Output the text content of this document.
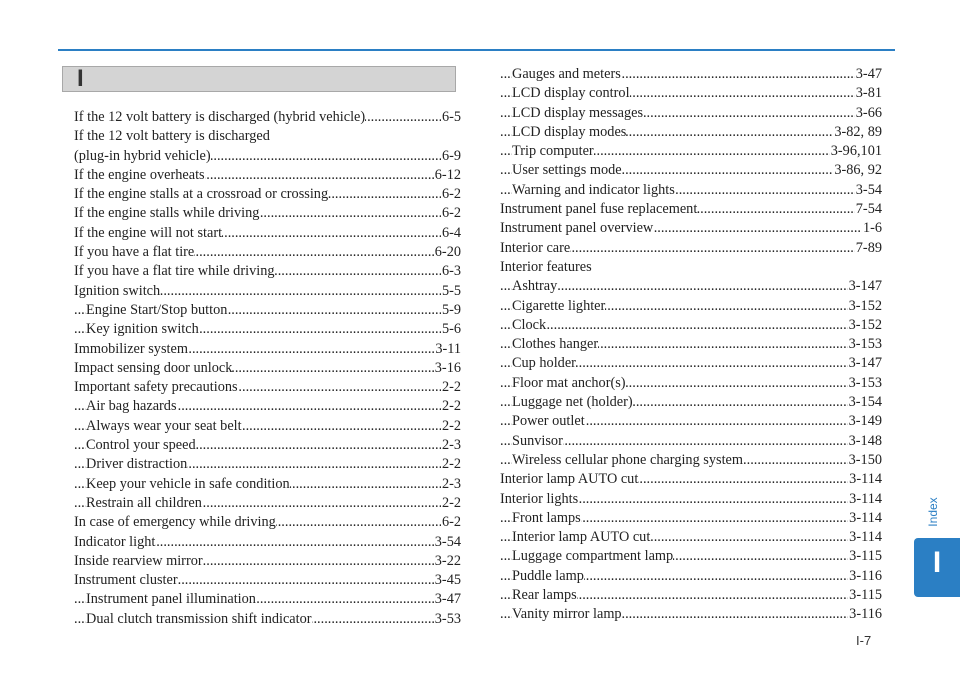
I
If the 12 volt battery is discharged (hybrid vehicle)	6-5
.....
If the 12 volt battery is discharged
(plug-in hybrid vehicle)	6-9
.....
If the engine overheats	6-12
.....
If the engine stalls at a crossroad or crossing	6-2
.....
If the engine stalls while driving	6-2
.....
If the engine will not start	6-4
.....
If you have a flat tire	6-20
.....
If you have a flat tire while driving	6-3
.....
Ignition switch	5-5
.....
Engine Start/Stop button	5-9
.....
Key ignition switch	5-6
.....
Immobilizer system	3-11
.....
Impact sensing door unlock	3-16
.....
Important safety precautions	2-2
.....
Air bag hazards	2-2
.....
Always wear your seat belt	2-2
.....
Control your speed	2-3
.....
Driver distraction	2-2
.....
Keep your vehicle in safe condition	2-3
.....
Restrain all children	2-2
.....
In case of emergency while driving	6-2
.....
Indicator light	3-54
.....
Inside rearview mirror	3-22
.....
Instrument cluster	3-45
.....
Instrument panel illumination	3-47
.....
Dual clutch transmission shift indicator	3-53
.....
Gauges and meters	3-47
.....
LCD display control	3-81
.....
LCD display messages	3-66
.....
LCD display modes	3-82, 89
.....
Trip computer	3-96,101
.....
User settings mode	3-86, 92
.....
Warning and indicator lights	3-54
.....
Instrument panel fuse replacement	7-54
.....
Instrument panel overview	1-6
.....
Interior care	7-89
.....
Interior features
Ashtray	3-147
.....
Cigarette lighter	3-152
.....
Clock	3-152
.....
Clothes hanger	3-153
.....
Cup holder	3-147
.....
Floor mat anchor(s)	3-153
.....
Luggage net (holder)	3-154
.....
Power outlet	3-149
.....
Sunvisor	3-148
.....
Wireless cellular phone charging system	3-150
.....
Interior lamp AUTO cut	3-114
.....
Interior lights	3-114
.....
Front lamps	3-114
.....
Interior lamp AUTO cut	3-114
.....
Luggage compartment lamp	3-115
.....
Puddle lamp	3-116
.....
Rear lamps	3-115
.....
Vanity mirror lamp	3-116
.....
Index
I
I-7
